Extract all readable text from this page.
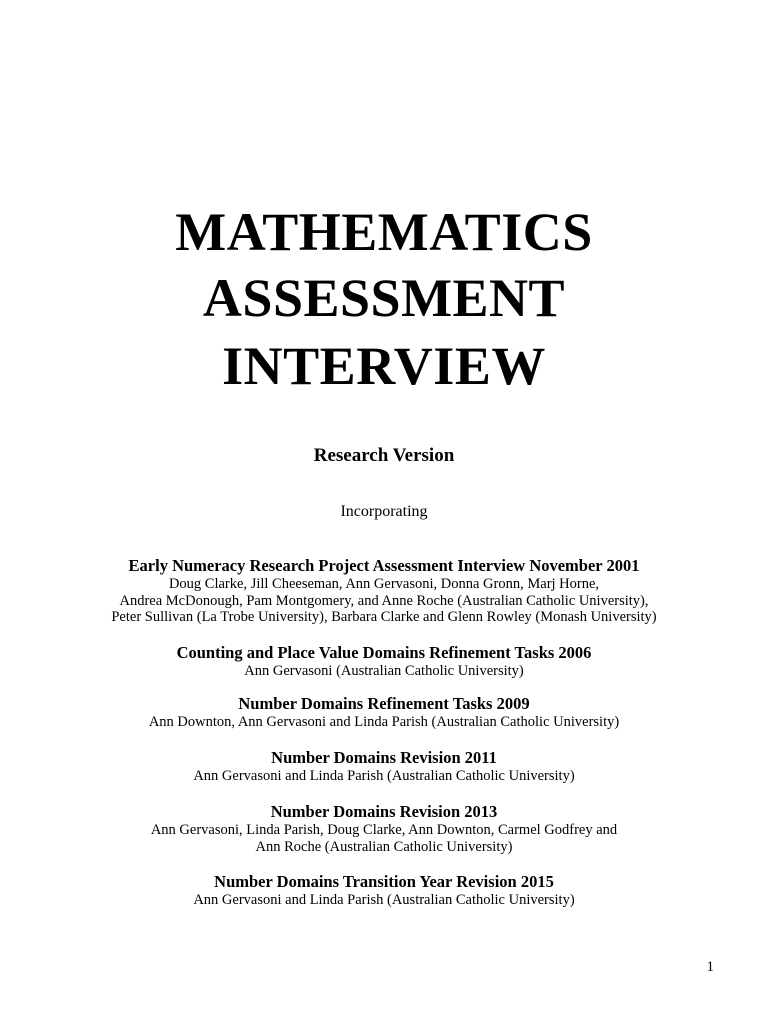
MATHEMATICS
ASSESSMENT
INTERVIEW
Research Version
Incorporating
Early Numeracy Research Project Assessment Interview November 2001
Doug Clarke, Jill Cheeseman, Ann Gervasoni, Donna Gronn, Marj Horne,
Andrea McDonough, Pam Montgomery, and Anne Roche (Australian Catholic University),
Peter Sullivan (La Trobe University), Barbara Clarke and Glenn Rowley (Monash University)
Counting and Place Value Domains Refinement Tasks 2006
Ann Gervasoni (Australian Catholic University)
Number Domains Refinement Tasks 2009
Ann Downton, Ann Gervasoni and Linda Parish (Australian Catholic University)
Number Domains Revision 2011
Ann Gervasoni and Linda Parish (Australian Catholic University)
Number Domains Revision 2013
Ann Gervasoni, Linda Parish, Doug Clarke, Ann Downton, Carmel Godfrey and
Ann Roche (Australian Catholic University)
Number Domains Transition Year Revision 2015
Ann Gervasoni and Linda Parish (Australian Catholic University)
1
